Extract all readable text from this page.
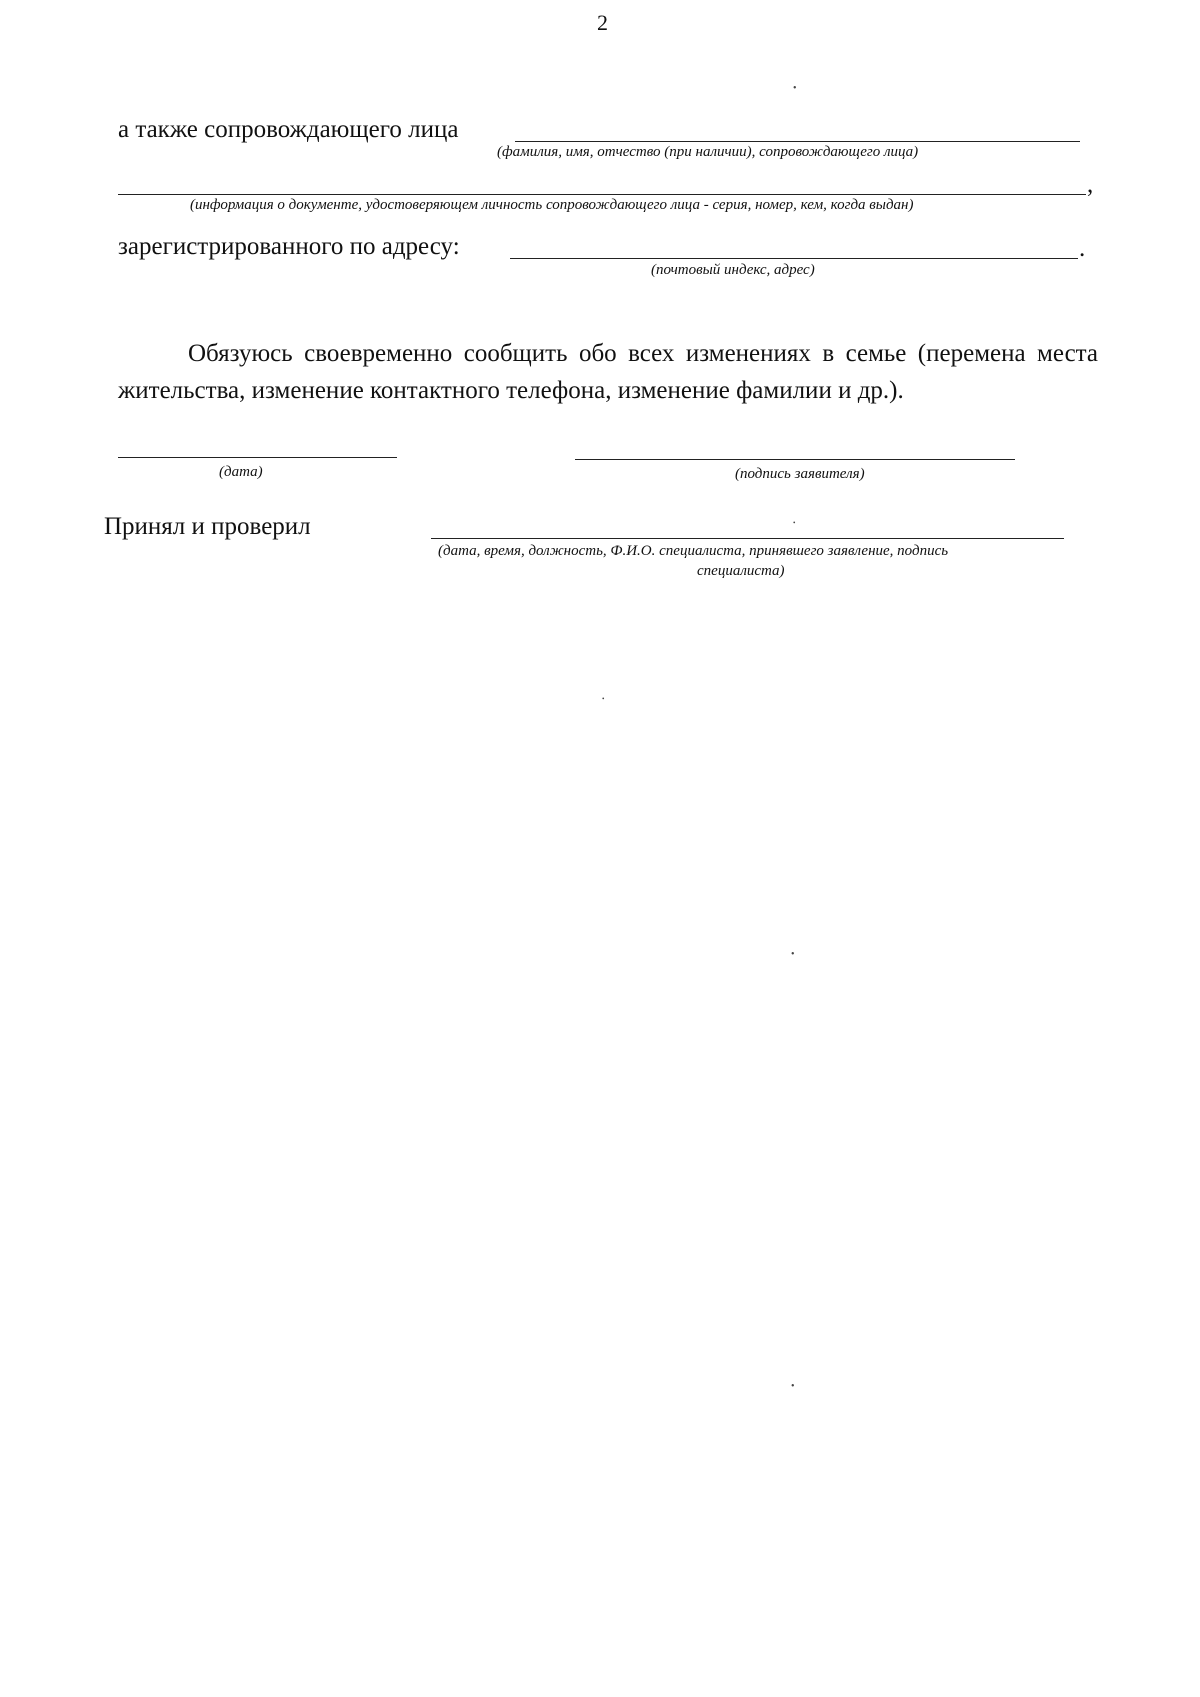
2
а также сопровождающего лица
(фамилия, имя, отчество (при наличии), сопровождающего лица)
,
(информация о документе, удостоверяющем личность сопровождающего лица - серия, номер, кем, когда выдан)
зарегистрированного по адресу:	.
(почтовый индекс, адрес)
Обязуюсь своевременно сообщить обо всех изменениях в семье (перемена места жительства, изменение контактного телефона, изменение фамилии и др.).
(дата)	(подпись заявителя)
Принял и проверил
(дата, время, должность, Ф.И.О. специалиста, принявшего заявление, подпись
специалиста)
•
•
•
•
•
